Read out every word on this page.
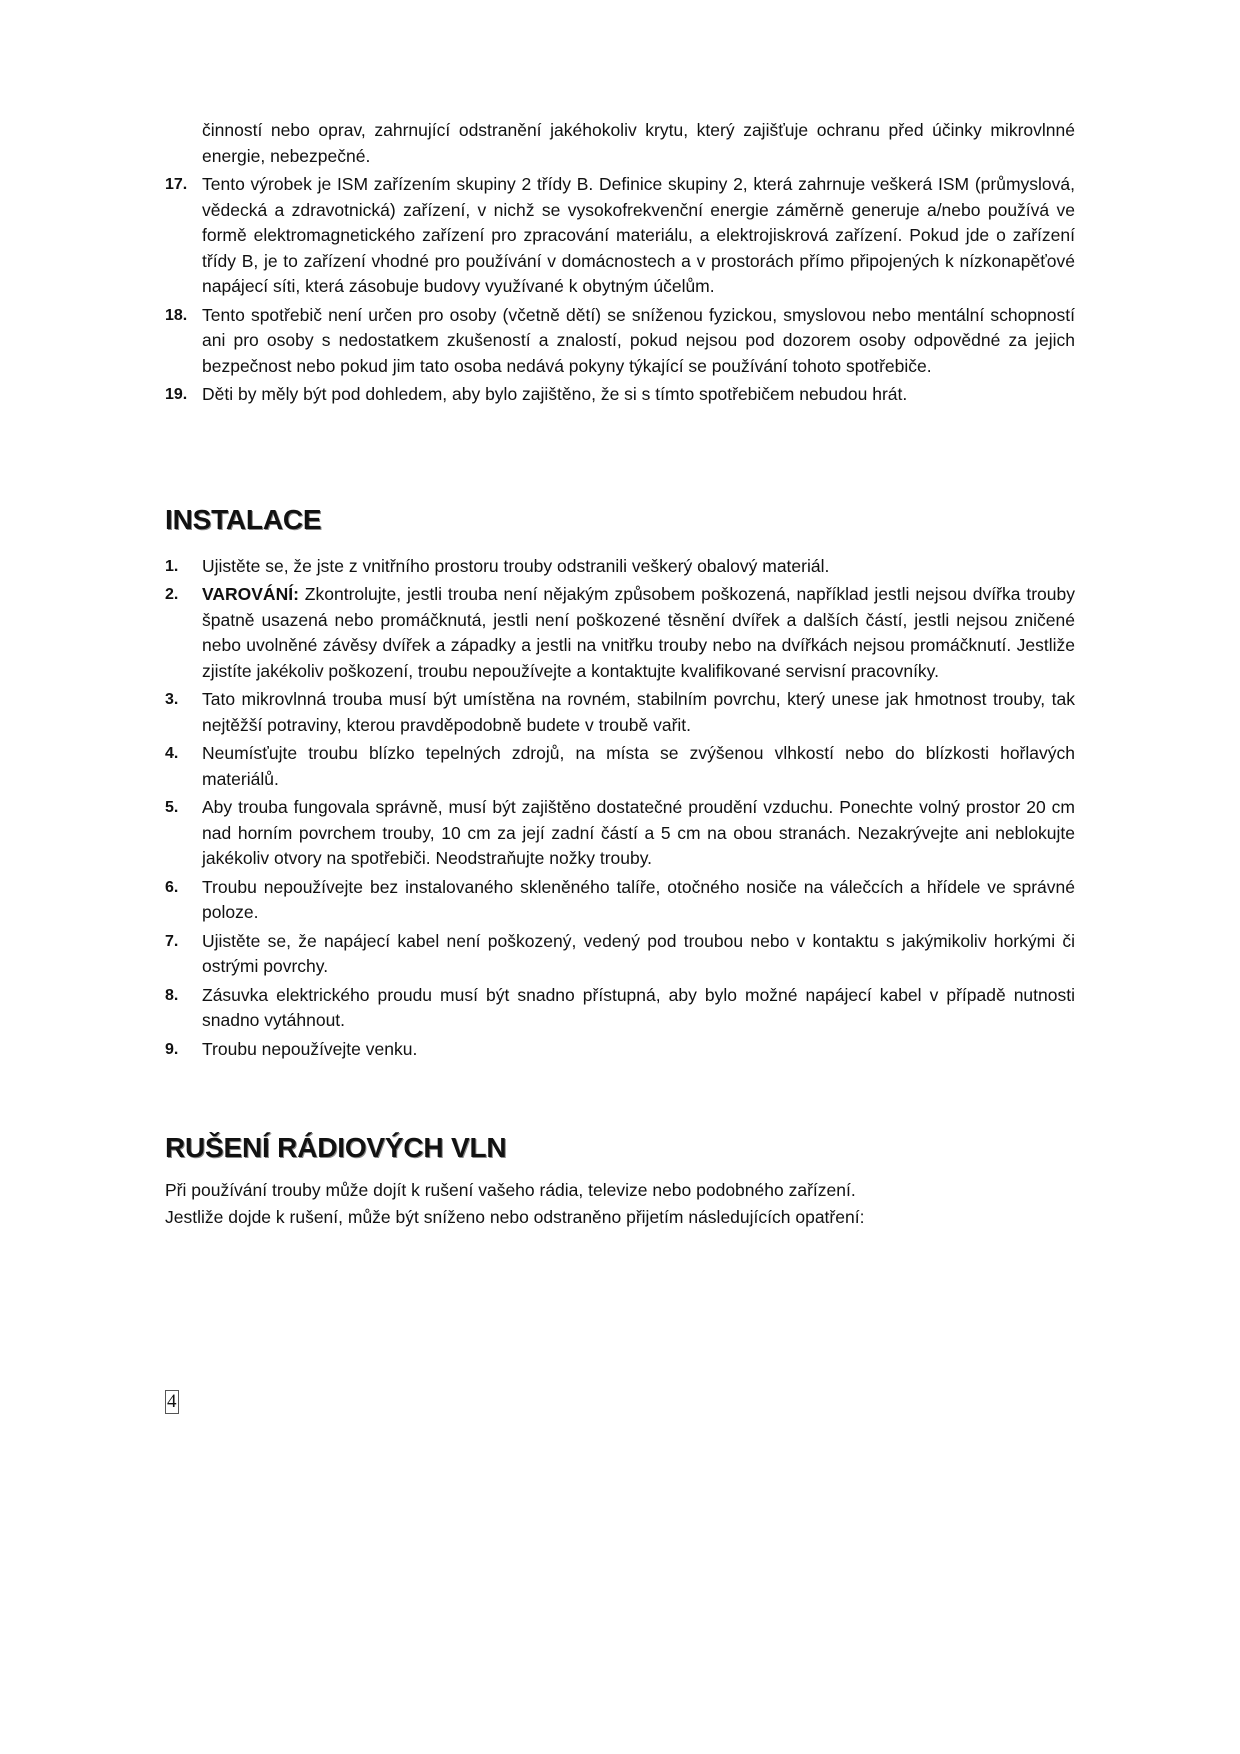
činností nebo oprav, zahrnující odstranění jakéhokoliv krytu, který zajišťuje ochranu před účinky mikrovlnné energie, nebezpečné.
17. Tento výrobek je ISM zařízením skupiny 2 třídy B. Definice skupiny 2, která zahrnuje veškerá ISM (průmyslová, vědecká a zdravotnická) zařízení, v nichž se vysokofrekvenční energie záměrně generuje a/nebo používá ve formě elektromagnetického zařízení pro zpracování materiálu, a elektrojiskrová zařízení. Pokud jde o zařízení třídy B, je to zařízení vhodné pro používání v domácnostech a v prostorách přímo připojených k nízkonapěťové napájecí síti, která zásobuje budovy využívané k obytným účelům.
18. Tento spotřebič není určen pro osoby (včetně dětí) se sníženou fyzickou, smyslovou nebo mentální schopností ani pro osoby s nedostatkem zkušeností a znalostí, pokud nejsou pod dozorem osoby odpovědné za jejich bezpečnost nebo pokud jim tato osoba nedává pokyny týkající se používání tohoto spotřebiče.
19. Děti by měly být pod dohledem, aby bylo zajištěno, že si s tímto spotřebičem nebudou hrát.
INSTALACE
1.	Ujistěte se, že jste z vnitřního prostoru trouby odstranili veškerý obalový materiál.
2.	VAROVÁNÍ: Zkontrolujte, jestli trouba není nějakým způsobem poškozená, například jestli nejsou dvířka trouby špatně usazená nebo promáčknutá, jestli není poškozené těsnění dvířek a dalších částí, jestli nejsou zničené nebo uvolněné závěsy dvířek a západky a jestli na vnitřku trouby nebo na dvířkách nejsou promáčknutí. Jestliže zjistíte jakékoliv poškození, troubu nepoužívejte a kontaktujte kvalifikované servisní pracovníky.
3.	Tato mikrovlnná trouba musí být umístěna na rovném, stabilním povrchu, který unese jak hmotnost trouby, tak nejtěžší potraviny, kterou pravděpodobně budete v troubě vařit.
4.	Neumísťujte troubu blízko tepelných zdrojů, na místa se zvýšenou vlhkostí nebo do blízkosti hořlavých materiálů.
5.	Aby trouba fungovala správně, musí být zajištěno dostatečné proudění vzduchu. Ponechte volný prostor 20 cm nad horním povrchem trouby, 10 cm za její zadní částí a 5 cm na obou stranách. Nezakrývejte ani neblokujte jakékoliv otvory na spotřebiči. Neodstraňujte nožky trouby.
6.	Troubu nepoužívejte bez instalovaného skleněného talíře, otočného nosiče na válečcích a hřídele ve správné poloze.
7.	Ujistěte se, že napájecí kabel není poškozený, vedený pod troubou nebo v kontaktu s jakýmikoliv horkými či ostrými povrchy.
8.	Zásuvka elektrického proudu musí být snadno přístupná, aby bylo možné napájecí kabel v případě nutnosti snadno vytáhnout.
9.	Troubu nepoužívejte venku.
RUŠENÍ RÁDIOVÝCH VLN

Při používání trouby může dojít k rušení vašeho rádia, televize nebo podobného zařízení.

Jestliže dojde k rušení, může být sníženo nebo odstraněno přijetím následujících opatření:

4
